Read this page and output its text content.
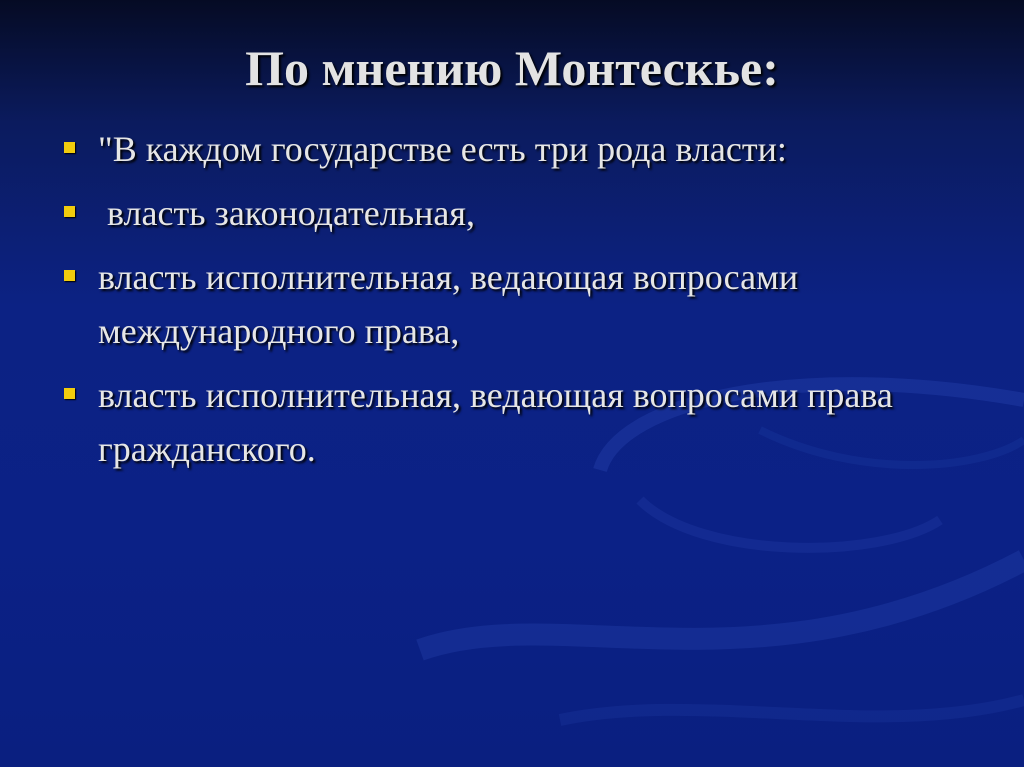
По мнению Монтескье:
"В каждом государстве есть три рода власти:
власть законодательная,
власть исполнительная, ведающая вопросами международного права,
власть исполнительная, ведающая вопросами права гражданского.
